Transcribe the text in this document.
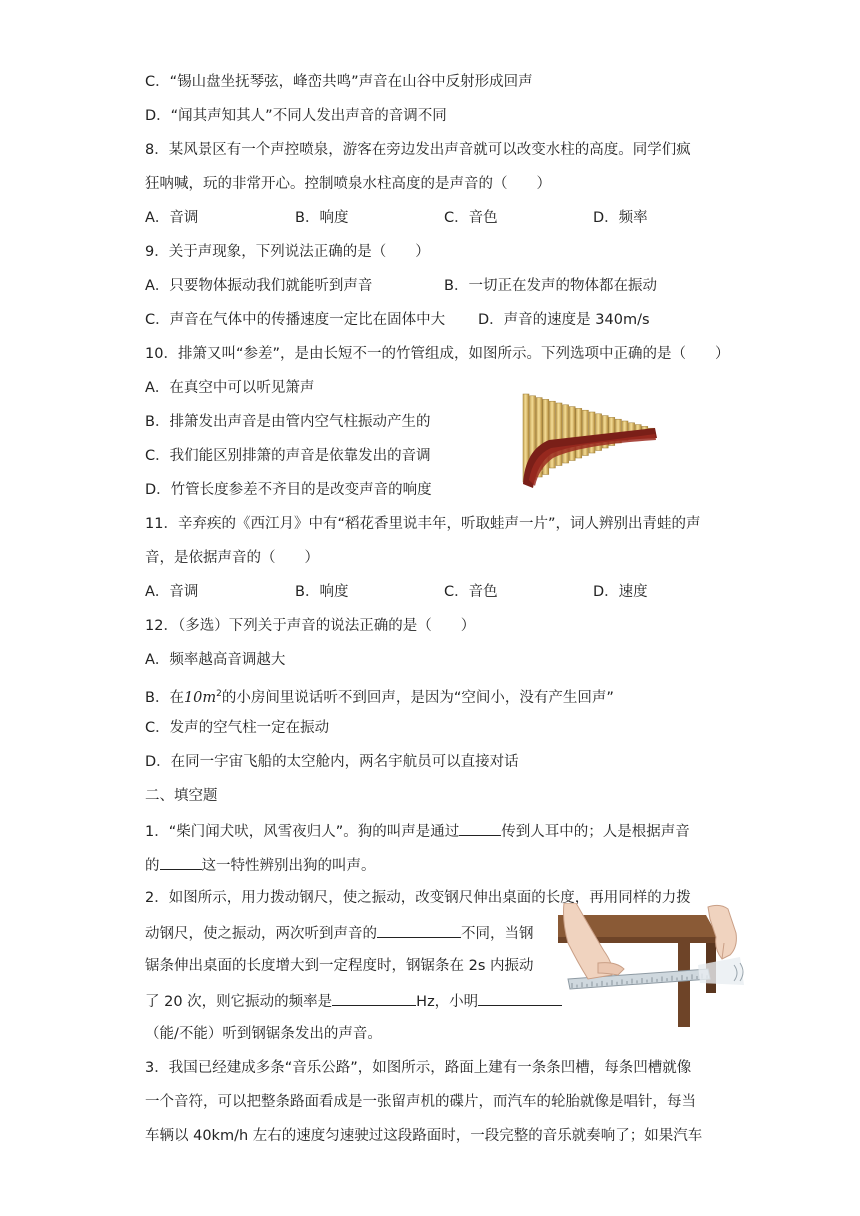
C．“锡山盘坐抚琴弦，峰峦共鸣”声音在山谷中反射形成回声
D．“闻其声知其人”不同人发出声音的音调不同
8．某风景区有一个声控喷泉，游客在旁边发出声音就可以改变水柱的高度。同学们疯
狂呐喊，玩的非常开心。控制喷泉水柱高度的是声音的（　　）
A．音调	B．响度	C．音色	D．频率
9．关于声现象，下列说法正确的是（　　）
A．只要物体振动我们就能听到声音	B．一切正在发声的物体都在振动
C．声音在气体中的传播速度一定比在固体中大 D．声音的速度是 340m/s
10．排箫又叫“参差”，是由长短不一的竹管组成，如图所示。下列选项中正确的是（　　）
A．在真空中可以听见箫声
B．排箫发出声音是由管内空气柱振动产生的
C．我们能区别排箫的声音是依靠发出的音调
D．竹管长度参差不齐目的是改变声音的响度
~
11．辛弃疾的《西江月》中有“稻花香里说丰年，听取蛙声一片”，词人辨别出青蛙的声
音，是依据声音的（　　）
A．音调	B．响度	C．音色	D．速度
12．（多选）下列关于声音的说法正确的是（　　）
A．频率越高音调越大
B．在$10m^2$的小房间里说话听不到回声，是因为“空间小，没有产生回声”
C．发声的空气柱一定在振动
D．在同一宇宙飞船的太空舱内，两名宇航员可以直接对话
二、填空题
1．“柴门闻犬吠，风雪夜归人”。狗的叫声是通过	传到人耳中的；人是根据声音
的	这一特性辨别出狗的叫声。
2．如图所示，用力拨动钢尺，使之振动，改变钢尺伸出桌面的长度，再用同样的力拨
动钢尺，使之振动，两次听到声音的	不同，当钢
锯条伸出桌面的长度增大到一定程度时，钢锯条在 2s 内振动
了 20 次，则它振动的频率是	Hz，小明
（能/不能）听到钢锯条发出的声音。
3．我国已经建成多条“音乐公路”，如图所示，路面上建有一条条凹槽，每条凹槽就像
一个音符，可以把整条路面看成是一张留声机的碟片，而汽车的轮胎就像是唱针，每当
车辆以 40km/h 左右的速度匀速驶过这段路面时，一段完整的音乐就奏响了；如果汽车
